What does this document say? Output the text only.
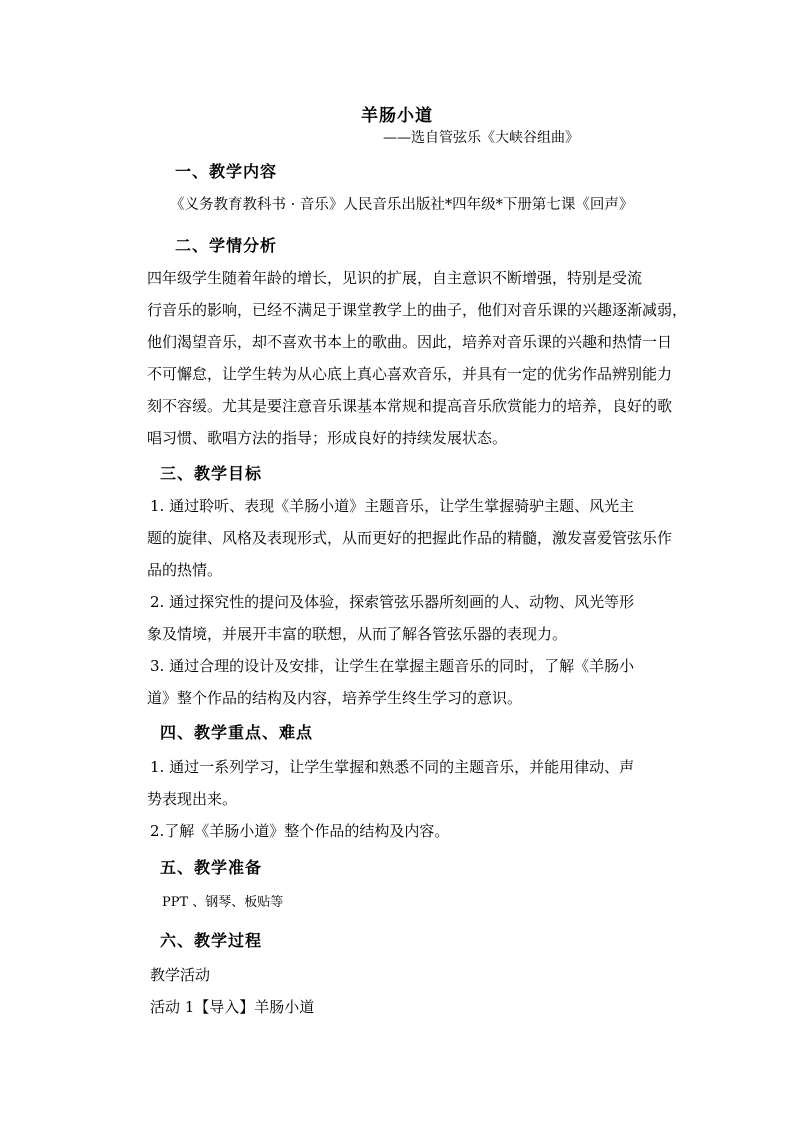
羊肠小道
——选自管弦乐《大峡谷组曲》
一、教学内容
《义务教育教科书 · 音乐》人民音乐出版社*四年级*下册第七课《回声》
二、学情分析
四年级学生随着年龄的增长，见识的扩展，自主意识不断增强，特别是受流
行音乐的影响，已经不满足于课堂教学上的曲子，他们对音乐课的兴趣逐渐减弱，
他们渴望音乐，却不喜欢书本上的歌曲。因此，培养对音乐课的兴趣和热情一日
不可懈怠，让学生转为从心底上真心喜欢音乐，并具有一定的优劣作品辨别能力
刻不容缓。尤其是要注意音乐课基本常规和提高音乐欣赏能力的培养，良好的歌
唱习惯、歌唱方法的指导；形成良好的持续发展状态。
三、教学目标
1. 通过聆听、表现《羊肠小道》主题音乐，让学生掌握骑驴主题、风光主
题的旋律、风格及表现形式，从而更好的把握此作品的精髓，激发喜爱管弦乐作
品的热情。
2. 通过探究性的提问及体验，探索管弦乐器所刻画的人、动物、风光等形
象及情境，并展开丰富的联想，从而了解各管弦乐器的表现力。
3. 通过合理的设计及安排，让学生在掌握主题音乐的同时，了解《羊肠小
道》整个作品的结构及内容，培养学生终生学习的意识。
四、教学重点、难点
1. 通过一系列学习，让学生掌握和熟悉不同的主题音乐，并能用律动、声
势表现出来。
2.了解《羊肠小道》整个作品的结构及内容。
五、教学准备
PPT 、钢琴、板贴等
六、教学过程
教学活动
活动 1【导入】羊肠小道
